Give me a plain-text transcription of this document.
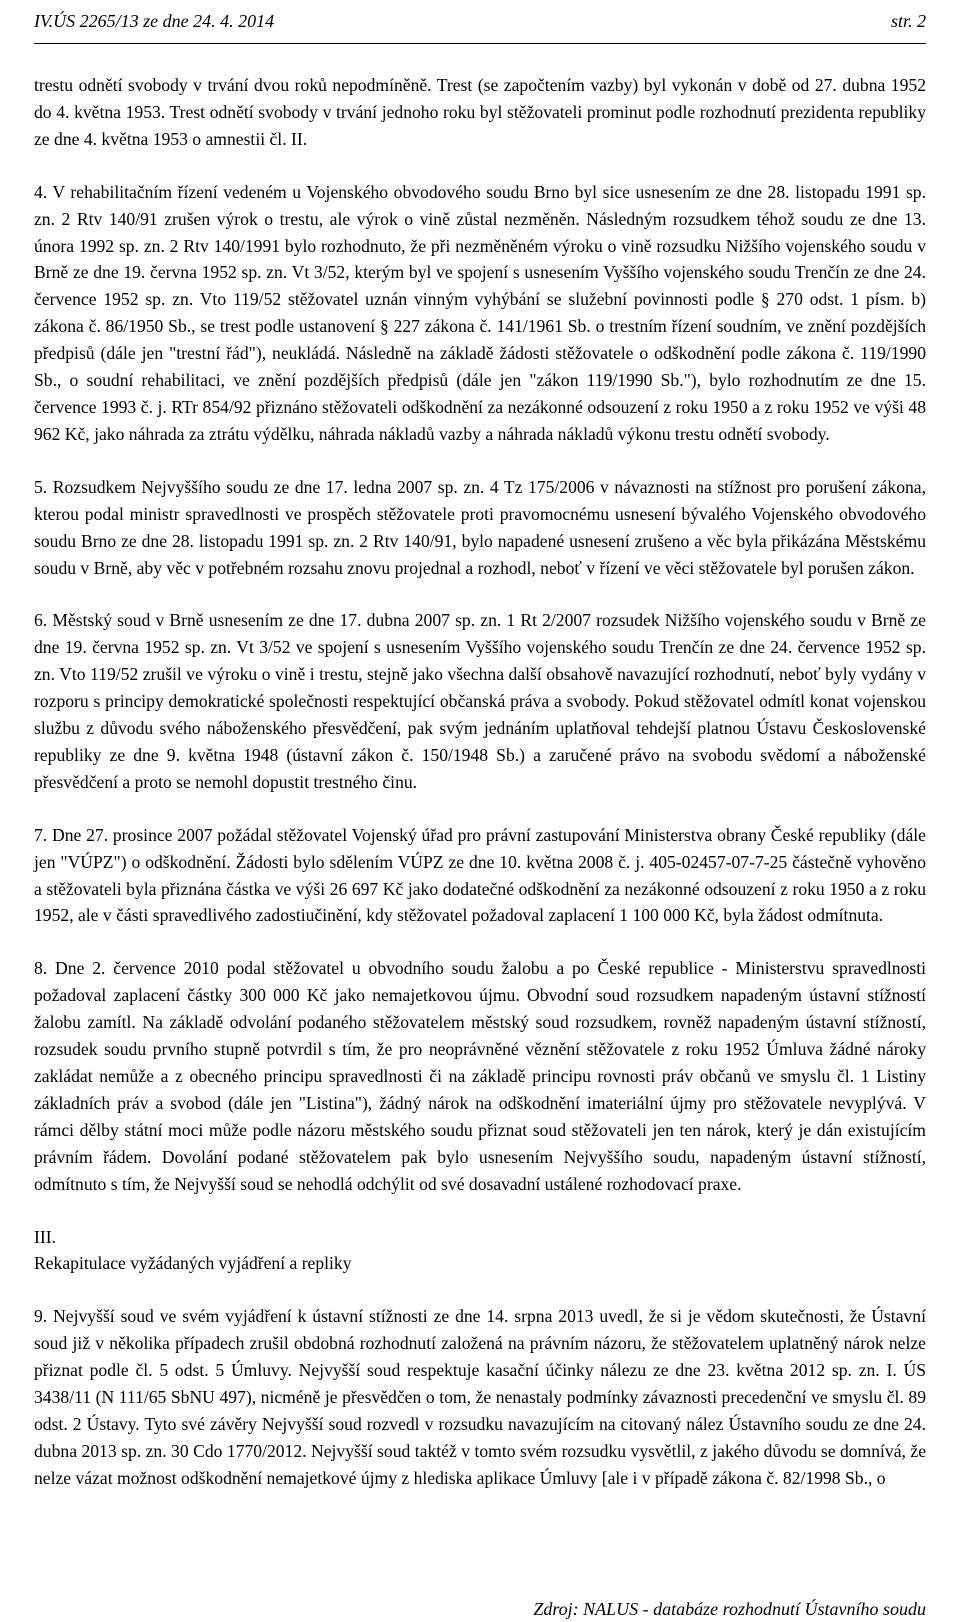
IV.ÚS 2265/13 ze dne 24. 4. 2014	str. 2

trestu odnětí svobody v trvání dvou roků nepodmíněně. Trest (se započtením vazby) byl vykonán v době od 27. dubna 1952 do 4. května 1953. Trest odnětí svobody v trvání jednoho roku byl stěžovateli prominut podle rozhodnutí prezidenta republiky ze dne 4. května 1953 o amnestii čl. II.

4. V rehabilitačním řízení vedeném u Vojenského obvodového soudu Brno byl sice usnesením ze dne 28. listopadu 1991 sp. zn. 2 Rtv 140/91 zrušen výrok o trestu, ale výrok o vině zůstal nezměněn. Následným rozsudkem téhož soudu ze dne 13. února 1992 sp. zn. 2 Rtv 140/1991 bylo rozhodnuto, že při nezměněném výroku o vině rozsudku Nižšího vojenského soudu v Brně ze dne 19. června 1952 sp. zn. Vt 3/52, kterým byl ve spojení s usnesením Vyššího vojenského soudu Trenčín ze dne 24. července 1952 sp. zn. Vto 119/52 stěžovatel uznán vinným vyhýbání se služební povinnosti podle § 270 odst. 1 písm. b) zákona č. 86/1950 Sb., se trest podle ustanovení § 227 zákona č. 141/1961 Sb. o trestním řízení soudním, ve znění pozdějších předpisů (dále jen "trestní řád"), neukládá. Následně na základě žádosti stěžovatele o odškodnění podle zákona č. 119/1990 Sb., o soudní rehabilitaci, ve znění pozdějších předpisů (dále jen "zákon 119/1990 Sb."), bylo rozhodnutím ze dne 15. července 1993 č. j. RTr 854/92 přiznáno stěžovateli odškodnění za nezákonné odsouzení z roku 1950 a z roku 1952 ve výši 48 962 Kč, jako náhrada za ztrátu výdělku, náhrada nákladů vazby a náhrada nákladů výkonu trestu odnětí svobody.

5. Rozsudkem Nejvyššího soudu ze dne 17. ledna 2007 sp. zn. 4 Tz 175/2006 v návaznosti na stížnost pro porušení zákona, kterou podal ministr spravedlnosti ve prospěch stěžovatele proti pravomocnému usnesení bývalého Vojenského obvodového soudu Brno ze dne 28. listopadu 1991 sp. zn. 2 Rtv 140/91, bylo napadené usnesení zrušeno a věc byla přikázána Městskému soudu v Brně, aby věc v potřebném rozsahu znovu projednal a rozhodl, neboť v řízení ve věci stěžovatele byl porušen zákon.

6. Městský soud v Brně usnesením ze dne 17. dubna 2007 sp. zn. 1 Rt 2/2007 rozsudek Nižšího vojenského soudu v Brně ze dne 19. června 1952 sp. zn. Vt 3/52 ve spojení s usnesením Vyššího vojenského soudu Trenčín ze dne 24. července 1952 sp. zn. Vto 119/52 zrušil ve výroku o vině i trestu, stejně jako všechna další obsahově navazující rozhodnutí, neboť byly vydány v rozporu s principy demokratické společnosti respektující občanská práva a svobody. Pokud stěžovatel odmítl konat vojenskou službu z důvodu svého náboženského přesvědčení, pak svým jednáním uplatňoval tehdejší platnou Ústavu Československé republiky ze dne 9. května 1948 (ústavní zákon č. 150/1948 Sb.) a zaručené právo na svobodu svědomí a náboženské přesvědčení a proto se nemohl dopustit trestného činu.

7. Dne 27. prosince 2007 požádal stěžovatel Vojenský úřad pro právní zastupování Ministerstva obrany České republiky (dále jen "VÚPZ") o odškodnění. Žádosti bylo sdělením VÚPZ ze dne 10. května 2008 č. j. 405-02457-07-7-25 částečně vyhověno a stěžovateli byla přiznána částka ve výši 26 697 Kč jako dodatečné odškodnění za nezákonné odsouzení z roku 1950 a z roku 1952, ale v části spravedlivého zadostiučinění, kdy stěžovatel požadoval zaplacení 1 100 000 Kč, byla žádost odmítnuta.

8. Dne 2. července 2010 podal stěžovatel u obvodního soudu žalobu a po České republice - Ministerstvu spravedlnosti požadoval zaplacení částky 300 000 Kč jako nemajetkovou újmu. Obvodní soud rozsudkem napadeným ústavní stížností žalobu zamítl. Na základě odvolání podaného stěžovatelem městský soud rozsudkem, rovněž napadeným ústavní stížností, rozsudek soudu prvního stupně potvrdil s tím, že pro neoprávněné věznění stěžovatele z roku 1952 Úmluva žádné nároky zakládat nemůže a z obecného principu spravedlnosti či na základě principu rovnosti práv občanů ve smyslu čl. 1 Listiny základních práv a svobod (dále jen "Listina"), žádný nárok na odškodnění imateriální újmy pro stěžovatele nevyplývá. V rámci dělby státní moci může podle názoru městského soudu přiznat soud stěžovateli jen ten nárok, který je dán existujícím právním řádem. Dovolání podané stěžovatelem pak bylo usnesením Nejvyššího soudu, napadeným ústavní stížností, odmítnuto s tím, že Nejvyšší soud se nehodlá odchýlit od své dosavadní ustálené rozhodovací praxe.

III.

Rekapitulace vyžádaných vyjádření a repliky

9. Nejvyšší soud ve svém vyjádření k ústavní stížnosti ze dne 14. srpna 2013 uvedl, že si je vědom skutečnosti, že Ústavní soud již v několika případech zrušil obdobná rozhodnutí založená na právním názoru, že stěžovatelem uplatněný nárok nelze přiznat podle čl. 5 odst. 5 Úmluvy. Nejvyšší soud respektuje kasační účinky nálezu ze dne 23. května 2012 sp. zn. I. ÚS 3438/11 (N 111/65 SbNU 497), nicméně je přesvědčen o tom, že nenastaly podmínky závaznosti precedenční ve smyslu čl. 89 odst. 2 Ústavy. Tyto své závěry Nejvyšší soud rozvedl v rozsudku navazujícím na citovaný nález Ústavního soudu ze dne 24. dubna 2013 sp. zn. 30 Cdo 1770/2012. Nejvyšší soud taktéž v tomto svém rozsudku vysvětlil, z jakého důvodu se domnívá, že nelze vázat možnost odškodnění nemajetkové újmy z hlediska aplikace Úmluvy [ale i v případě zákona č. 82/1998 Sb., o

Zdroj: NALUS - databáze rozhodnutí Ústavního soudu
